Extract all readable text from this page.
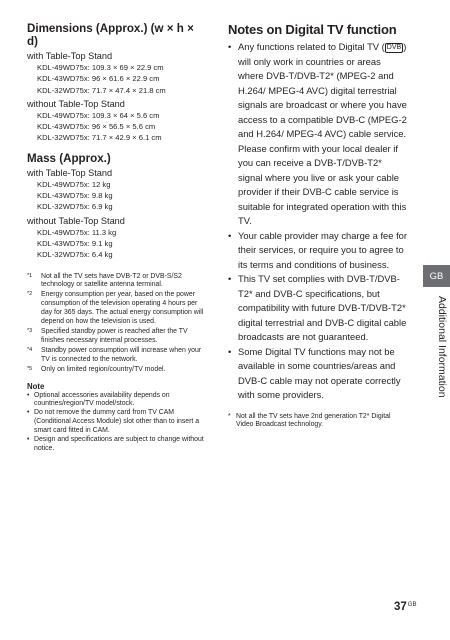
Dimensions (Approx.) (w × h × d)
with Table-Top Stand
KDL-49WD75x: 109.3 × 69 × 22.9 cm
KDL-43WD75x: 96 × 61.6 × 22.9 cm
KDL-32WD75x: 71.7 × 47.4 × 21.8 cm
without Table-Top Stand
KDL-49WD75x: 109.3 × 64 × 5.6 cm
KDL-43WD75x: 96 × 56.5 × 5.6 cm
KDL-32WD75x: 71.7 × 42.9 × 6.1 cm
Mass (Approx.)
with Table-Top Stand
KDL-49WD75x: 12 kg
KDL-43WD75x: 9.8 kg
KDL-32WD75x: 6.9 kg
without Table-Top Stand
KDL-49WD75x: 11.3 kg
KDL-43WD75x: 9.1 kg
KDL-32WD75x: 6.4 kg
*1 Not all the TV sets have DVB-T2 or DVB-S/S2 technology or satellite antenna terminal.
*2 Energy consumption per year, based on the power consumption of the television operating 4 hours per day for 365 days. The actual energy consumption will depend on how the television is used.
*3 Specified standby power is reached after the TV finishes necessary internal processes.
*4 Standby power consumption will increase when your TV is connected to the network.
*5 Only on limited region/country/TV model.
Note
• Optional accessories availability depends on countries/region/TV model/stock.
• Do not remove the dummy card from TV CAM (Conditional Access Module) slot other than to insert a smart card fitted in CAM.
• Design and specifications are subject to change without notice.
Notes on Digital TV function
• Any functions related to Digital TV ( DVB ) will only work in countries or areas where DVB-T/DVB-T2* (MPEG-2 and H.264/ MPEG-4 AVC) digital terrestrial signals are broadcast or where you have access to a compatible DVB-C (MPEG-2 and H.264/ MPEG-4 AVC) cable service. Please confirm with your local dealer if you can receive a DVB-T/DVB-T2* signal where you live or ask your cable provider if their DVB-C cable service is suitable for integrated operation with this TV.
• Your cable provider may charge a fee for their services, or require you to agree to its terms and conditions of business.
• This TV set complies with DVB-T/DVB-T2* and DVB-C specifications, but compatibility with future DVB-T/DVB-T2* digital terrestrial and DVB-C digital cable broadcasts are not guaranteed.
• Some Digital TV functions may not be available in some countries/areas and DVB-C cable may not operate correctly with some providers.
* Not all the TV sets have 2nd generation T2* Digital Video Broadcast technology.
GB
Additional Information
$37^{GB}$
